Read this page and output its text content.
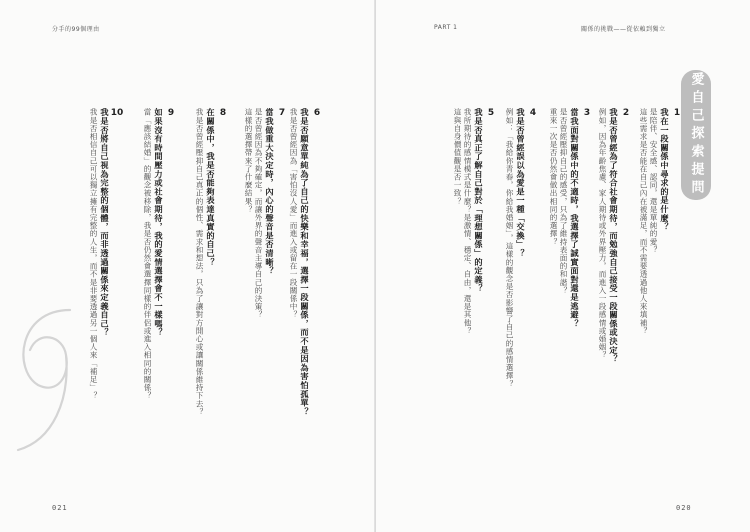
分手的99個理由
10
我是否將自己視為完整的個體，而非透過關係來定義自己？
我是否相信自己可以獨立擁有完整的人生，而不是非要透過另一個人來「補足」？	9
如果沒有時間壓力或社會期待，我的愛情選擇會不一樣嗎？
當「應該結婚」的觀念被移除，我是否仍然會選擇同樣的伴侶或進入相同的關係？	8
在關係中，我是否能夠表達真實的自己？
我是否曾經壓抑自己真正的個性、需求和想法，只為了讓對方開心或讓關係維持下去？	7
當我做重大決定時，內心的聲音是否清晰？
是否曾經因為不夠確定，而讓外界的聲音主導自己的決策？
這樣的選擇帶來了什麼結果？	6
我是否願意單純為了自己的快樂和幸福，選擇一段關係，而不是因為害怕孤單？
我是否曾經因為「害怕沒人愛」而進入或留在一段關係中？
021
PART 1	關係的挑戰——從依賴到獨立
愛自己探索提問
5
我是否真正了解自己對於「理想關係」的定義？
我所期待的感情模式是什麼？是激情、穩定、自由，還是其他？
這與自身價值觀是否一致？	4
我是否曾經誤以為愛是一種「交換」？
例如：「我給你青春，你給我婚姻」，這樣的觀念是否影響了自己的感情選擇？	3
當我面對關係中的不適時，我選擇了誠實面對還是逃避？
是否曾經壓抑自己的感受，只為了維持表面的和諧？
重來一次是否仍然會做出相同的選擇？	2
我是否曾經為了符合社會期待，而勉強自己接受一段關係或決定？
例如，因為年齡焦慮、家人期待或外界壓力，而進入一段感情或婚姻？	1
我在一段關係中尋求的是什麼？
是陪伴、安全感、認同，還是單純的愛？
這些需求是否能在自己內在被滿足，而不需要透過他人來填補？
020
